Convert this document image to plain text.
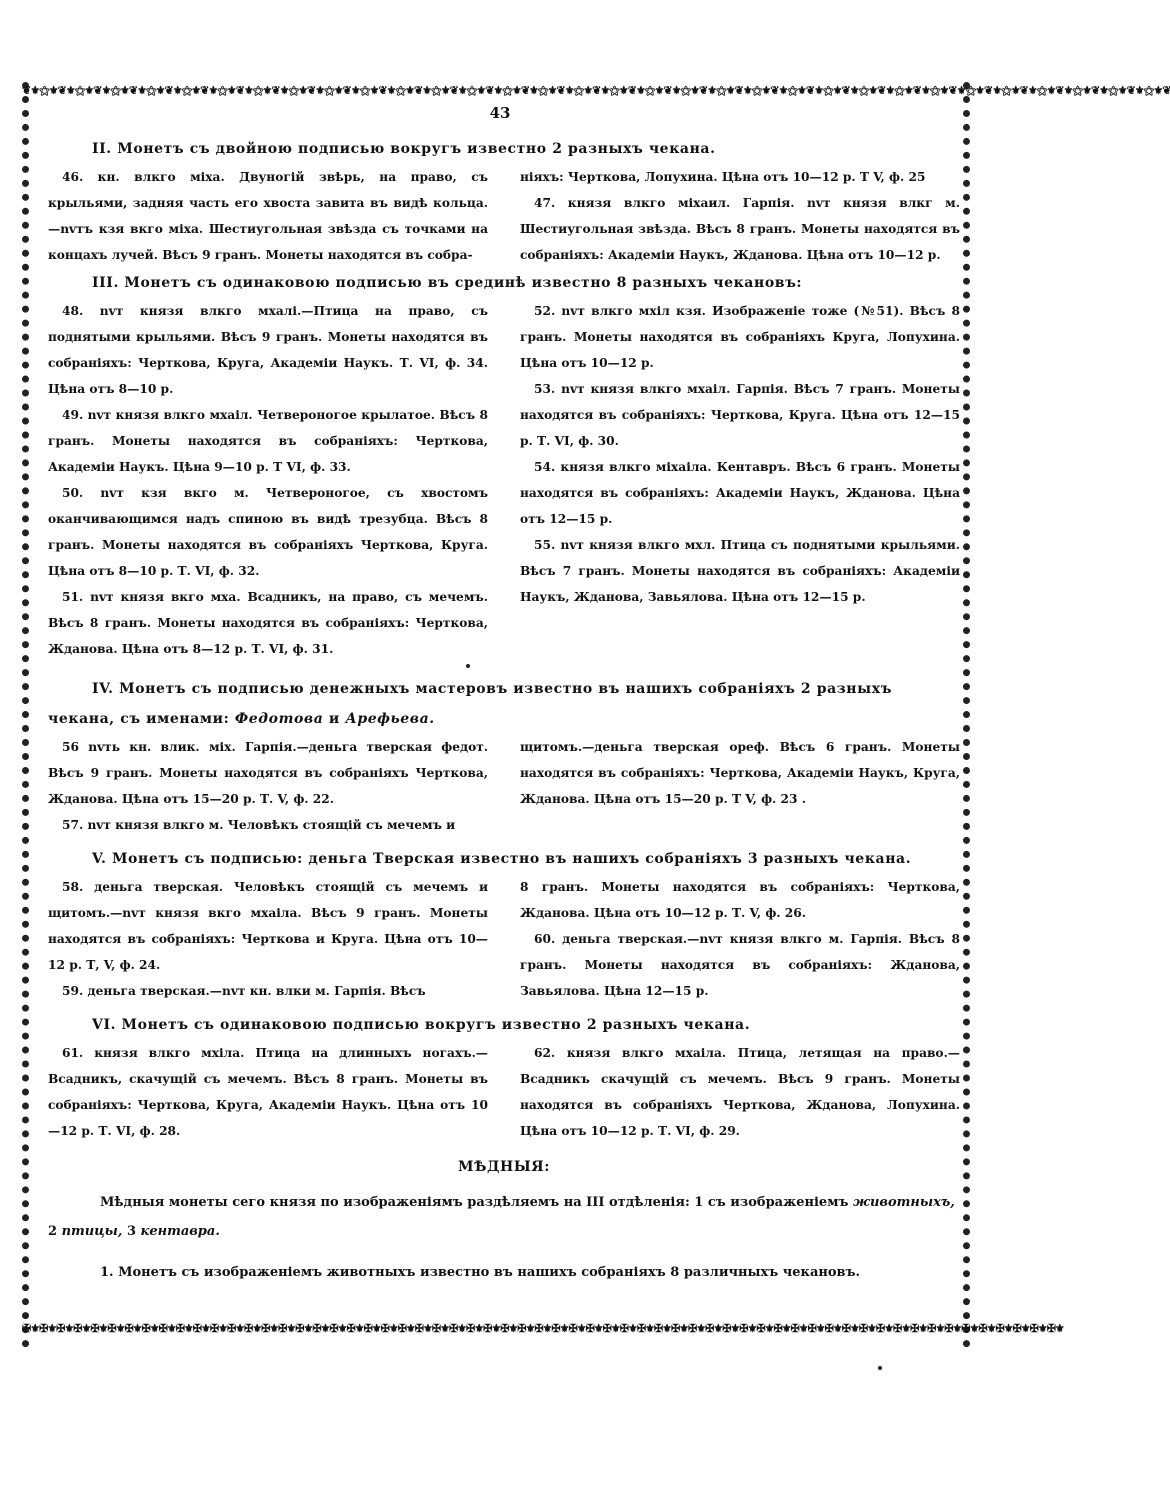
❦⚜⚝⚜❦⚜⚝⚜❦⚜⚝⚜❦⚜⚝⚜❦⚜⚝⚜❦⚜⚝⚜❦⚜⚝⚜❦⚜⚝⚜❦⚜⚝⚜❦⚜⚝⚜❦⚜⚝⚜❦⚜⚝⚜❦⚜⚝⚜❦⚜⚝⚜❦⚜⚝⚜❦⚜⚝⚜❦⚜⚝⚜❦⚜⚝⚜❦⚜⚝⚜❦⚜⚝⚜❦⚜⚝⚜❦⚜⚝⚜❦⚜⚝⚜❦⚜⚝⚜❦⚜⚝⚜❦⚜⚝⚜❦⚜⚝⚜❦⚜⚝⚜❦⚜⚝⚜❦⚜⚝⚜❦⚜⚝⚜❦⚜⚝⚜❦
✠⚜✠⚜✠⚜✠⚜✠⚜✠⚜✠⚜✠⚜✠⚜✠⚜✠⚜✠⚜✠⚜✠⚜✠⚜✠⚜✠⚜✠⚜✠⚜✠⚜✠⚜✠⚜✠⚜✠⚜✠⚜✠⚜✠⚜✠⚜✠⚜✠⚜✠⚜✠⚜✠⚜✠⚜✠⚜✠⚜✠⚜✠⚜✠⚜✠⚜✠⚜✠⚜✠⚜✠⚜✠⚜✠⚜✠⚜✠⚜✠⚜✠⚜✠⚜✠⚜✠⚜✠⚜✠⚜✠⚜✠⚜✠⚜✠⚜✠⚜✠⚜
43

II. Монетъ съ двойною подписью вокругъ известно 2 разныхъ чекана.

46. кн. влкго міха. Двуногій звѣрь, на право, съ крыльями, задняя часть его хвоста завита въ видѣ кольца.—nvтъ кзя вкго міха. Шестиугольная звѣзда съ точками на концахъ лучей. Вѣсъ 9 гранъ. Монеты находятся въ собра-

ніяхъ: Черткова, Лопухина. Цѣна отъ 10—12 р. Т V, ф. 25

47. князя влкго міхаил. Гарпія. nvт князя влкг м. Шестиугольная звѣзда. Вѣсъ 8 гранъ. Монеты находятся въ собраніяхъ: Академіи Наукъ, Жданова. Цѣна отъ 10—12 р.

III. Монетъ съ одинаковою подписью въ срединѣ известно 8 разныхъ чекановъ:

48. nvт князя влкго мхалі.—Птица на право, съ поднятыми крыльями. Вѣсъ 9 гранъ. Монеты находятся въ собраніяхъ: Черткова, Круга, Академіи Наукъ. Т. VI, ф. 34. Цѣна отъ 8—10 р.

49. nvт князя влкго мхаіл. Четвероногое крылатое. Вѣсъ 8 гранъ. Монеты находятся въ собраніяхъ: Черткова, Академіи Наукъ. Цѣна 9—10 р. Т VI, ф. 33.

50. nvт кзя вкго м. Четвероногое, съ хвостомъ оканчивающимся надъ спиною въ видѣ трезубца. Вѣсъ 8 гранъ. Монеты находятся въ собраніяхъ Черткова, Круга. Цѣна отъ 8—10 р. Т. VI, ф. 32.

51. nvт князя вкго мха. Всадникъ, на право, съ мечемъ. Вѣсъ 8 гранъ. Монеты находятся въ собраніяхъ: Черткова, Жданова. Цѣна отъ 8—12 р. Т. VI, ф. 31.

52. nvт влкго мхіл кзя. Изображеніе тоже (№51). Вѣсъ 8 гранъ. Монеты находятся въ собраніяхъ Круга, Лопухина. Цѣна отъ 10—12 р.

53. nvт князя влкго мхаіл. Гарпія. Вѣсъ 7 гранъ. Монеты находятся въ собраніяхъ: Черткова, Круга. Цѣна отъ 12—15 р. Т. VI, ф. 30.

54. князя влкго міхаіла. Кентавръ. Вѣсъ 6 гранъ. Монеты находятся въ собраніяхъ: Академіи Наукъ, Жданова. Цѣна отъ 12—15 р.

55. nvт князя влкго мхл. Птица съ поднятыми крыльями. Вѣсъ 7 гранъ. Монеты находятся въ собраніяхъ: Академіи Наукъ, Жданова, Завьялова. Цѣна отъ 12—15 р.

IV. Монетъ съ подписью денежныхъ мастеровъ известно въ нашихъ собраніяхъ 2 разныхъ чекана, съ именами: Федотова и Арефьева.

56 nvть кн. влик. міх. Гарпія.—деньга тверская федот. Вѣсъ 9 гранъ. Монеты находятся въ собраніяхъ Черткова, Жданова. Цѣна отъ 15—20 р. Т. V, ф. 22.

57. nvт князя влкго м. Человѣкъ стоящій съ мечемъ и

щитомъ.—деньга тверская ореф. Вѣсъ 6 гранъ. Монеты находятся въ собраніяхъ: Черткова, Академіи Наукъ, Круга, Жданова. Цѣна отъ 15—20 р. Т V, ф. 23 .

V. Монетъ съ подписью: деньга Тверская известно въ нашихъ собраніяхъ 3 разныхъ чекана.

58. деньга тверская. Человѣкъ стоящій съ мечемъ и щитомъ.—nvт князя вкго мхаіла. Вѣсъ 9 гранъ. Монеты находятся въ собраніяхъ: Черткова и Круга. Цѣна отъ 10—12 р. Т, V, ф. 24.

59. деньга тверская.—nvт кн. влки м. Гарпія. Вѣсъ

8 гранъ. Монеты находятся въ собраніяхъ: Черткова, Жданова. Цѣна отъ 10—12 р. Т. V, ф. 26.

60. деньга тверская.—nvт князя влкго м. Гарпія. Вѣсъ 8 гранъ. Монеты находятся въ собраніяхъ: Жданова, Завьялова. Цѣна 12—15 р.

VI. Монетъ съ одинаковою подписью вокругъ известно 2 разныхъ чекана.

61. князя влкго мхіла. Птица на длинныхъ ногахъ.— Всадникъ, скачущій съ мечемъ. Вѣсъ 8 гранъ. Монеты въ собраніяхъ: Черткова, Круга, Академіи Наукъ. Цѣна отъ 10—12 р. Т. VI, ф. 28.

62. князя влкго мхаіла. Птица, летящая на право.— Всадникъ скачущій съ мечемъ. Вѣсъ 9 гранъ. Монеты находятся въ собраніяхъ Черткова, Жданова, Лопухина. Цѣна отъ 10—12 р. Т. VI, ф. 29.

МѢДНЫЯ:

Мѣдныя монеты сего князя по изображеніямъ раздѣляемъ на III отдѣленія: 1 съ изображеніемъ животныхъ, 2 птицы, 3 кентавра.

1. Монетъ съ изображеніемъ животныхъ известно въ нашихъ собраніяхъ 8 различныхъ чекановъ.
